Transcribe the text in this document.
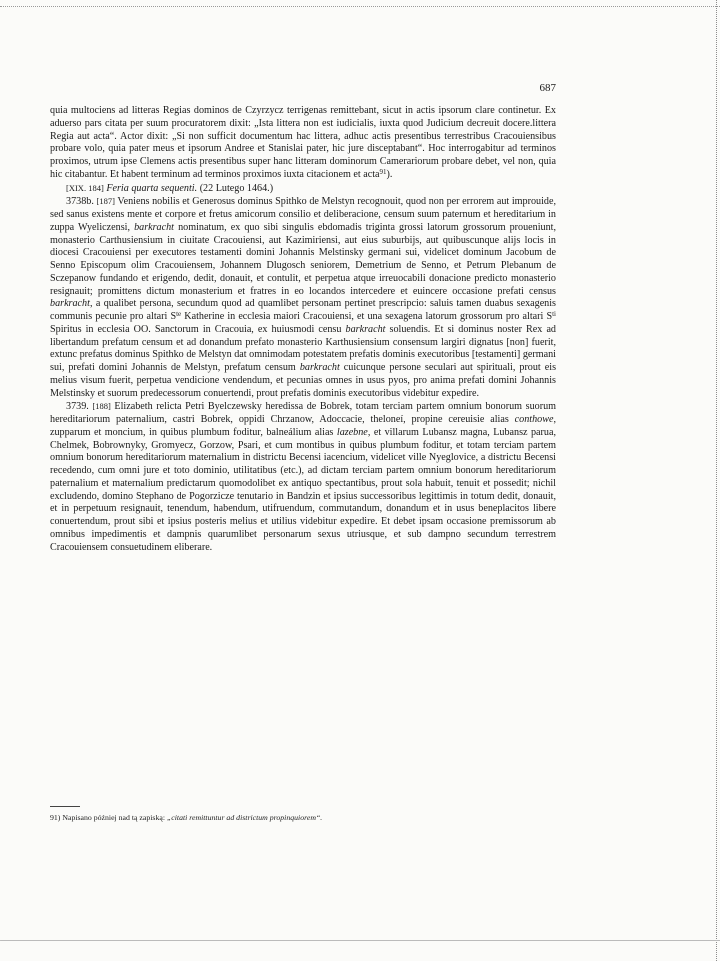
687

quia multociens ad litteras Regias dominos de Czyrzycz terrigenas remittebant, sicut in actis ipsorum clare continetur. Ex aduerso pars citata per suum procuratorem dixit: „Ista littera non est iudicialis, iuxta quod Judicium decreuit docere.littera Regia aut acta“. Actor dixit: „Si non sufficit documentum hac littera, adhuc actis presentibus terrestribus Cracouiensibus probare volo, quia pater meus et ipsorum Andree et Stanislai pater, hic jure disceptabant“. Hoc interrogabitur ad terminos proximos, utrum ipse Clemens actis presentibus super hanc litteram dominorum Camerariorum probare debet, vel non, quia hic citabantur. Et habent terminum ad terminos proximos iuxta citacionem et acta$^{91}$).

[XIX. 184] Feria quarta sequenti. (22 Lutego 1464.)

3738b. [187] Veniens nobilis et Generosus dominus Spithko de Melstyn recognouit, quod non per errorem aut improuide, sed sanus existens mente et corpore et fretus amicorum consilio et deliberacione, censum suum paternum et hereditarium in zuppa Wyeliczensi, barkracht nominatum, ex quo sibi singulis ebdomadis triginta grossi latorum grossorum proueniunt, monasterio Carthusiensium in ciuitate Cracouiensi, aut Kazimiriensi, aut eius suburbijs, aut quibuscunque alijs locis in diocesi Cracouiensi per executores testamenti domini Johannis Melstinsky germani sui, videlicet dominum Jacobum de Senno Episcopum olim Cracouiensem, Johannem Dlugosch seniorem, Demetrium de Senno, et Petrum Plebanum de Sczepanow fundando et erigendo, dedit, donauit, et contulit, et perpetua atque irreuocabili donacione predicto monasterio resignauit; promittens dictum monasterium et fratres in eo locandos intercedere et euincere occasione prefati census barkracht, a qualibet persona, secundum quod ad quamlibet personam pertinet prescripcio: saluis tamen duabus sexagenis communis pecunie pro altari $S^{te}$ Katherine in ecclesia maiori Cracouiensi, et una sexagena latorum grossorum pro altari $S^{ti}$ Spiritus in ecclesia OO. Sanctorum in Cracouia, ex huiusmodi censu barkracht soluendis. Et si dominus noster Rex ad libertandum prefatum censum et ad donandum prefato monasterio Karthusiensium consensum largiri dignatus [non] fuerit, extunc prefatus dominus Spithko de Melstyn dat omnimodam potestatem prefatis dominis executoribus [testamenti] germani sui, prefati domini Johannis de Melstyn, prefatum censum barkracht cuicunque persone seculari aut spirituali, prout eis melius visum fuerit, perpetua vendicione vendendum, et pecunias omnes in usus pyos, pro anima prefati domini Johannis Melstinsky et suorum predecessorum conuertendi, prout prefatis dominis executoribus videbitur expedire.

3739. [188] Elizabeth relicta Petri Byelczewsky heredissa de Bobrek, totam terciam partem omnium bonorum suorum hereditariorum paternalium, castri Bobrek, oppidi Chrzanow, Adoccacie, theloneí, propine cereuisie alias conthowe, zupparum et moncium, in quibus plumbum foditur, balneálium alias lazebne, et villarum Lubansz magna, Lubansz parua, Chelmek, Bobrownyky, Gromyecz, Gorzow, Psari, et cum montibus in quibus plumbum foditur, et totam terciam partem omnium bonorum hereditariorum maternalium in districtu Becensi iacencium, videlicet ville Nyeglovice, a districtu Becensi recedendo, cum omni jure et toto dominio, utilitatibus (etc.), ad dictam terciam partem omnium bonorum hereditariorum paternalium et maternalium predictarum quomodolibet ex antiquo spectantibus, prout sola habuit, tenuit et possedit; nichil excludendo, domino Stephano de Pogorzicze tenutario in Bandzin et ipsius successoribus legittimis in totum dedit, donauit, et in perpetuum resignauit, tenendum, habendum, utifruendum, commutandum, donandum et in usus beneplacitos libere conuertendum, prout sibi et ipsius posteris melius et utilius videbitur expedire. Et debet ipsam occasione premissorum ab omnibus impedimentis et dampnis quarumlibet personarum sexus utriusque, et sub dampno secundum terrestrem Cracouiensem consuetudinem eliberare.

91) Napisano później nad tą zapiską: „citati remittuntur ad districtum propinquiorem“.
